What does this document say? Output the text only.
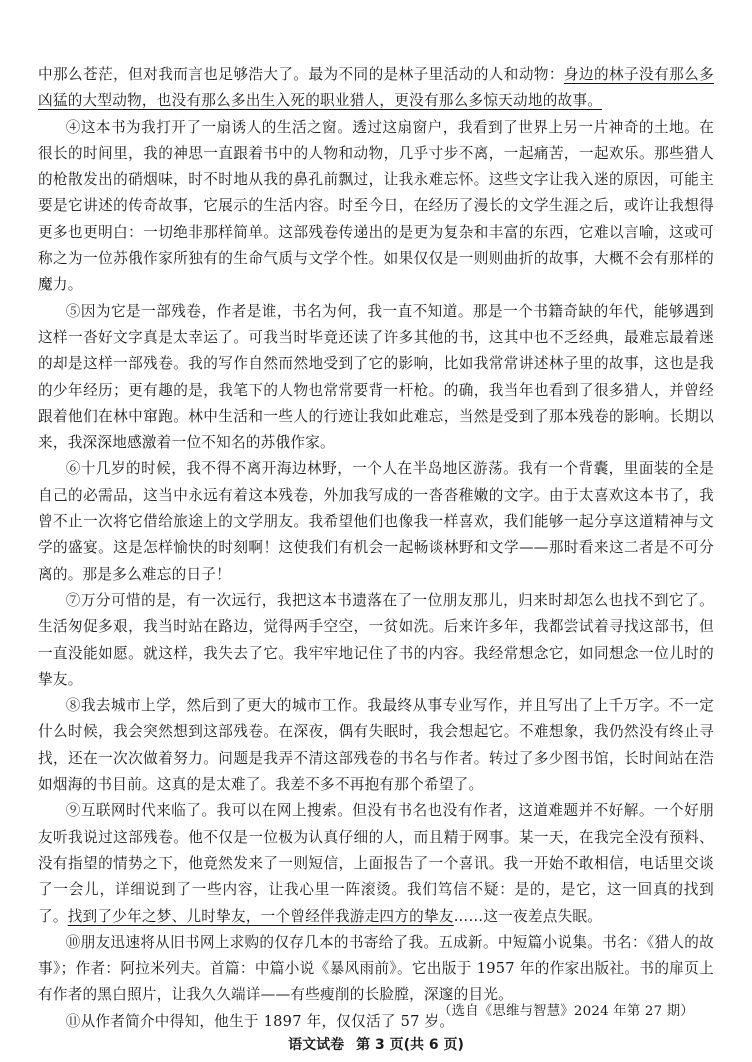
中那么苍茫，但对我而言也足够浩大了。最为不同的是林子里活动的人和动物：身边的林子没有那么多凶猛的大型动物，也没有那么多出生入死的职业猎人，更没有那么多惊天动地的故事。

④这本书为我打开了一扇诱人的生活之窗。透过这扇窗户，我看到了世界上另一片神奇的土地。在很长的时间里，我的神思一直跟着书中的人物和动物，几乎寸步不离，一起痛苦，一起欢乐。那些猎人的枪散发出的硝烟味，时不时地从我的鼻孔前飘过，让我永难忘怀。这些文字让我入迷的原因，可能主要是它讲述的传奇故事，它展示的生活内容。时至今日，在经历了漫长的文学生涯之后，或许让我想得更多也更明白：一切绝非那样简单。这部残卷传递出的是更为复杂和丰富的东西，它难以言喻，这或可称之为一位苏俄作家所独有的生命气质与文学个性。如果仅仅是一则则曲折的故事，大概不会有那样的魔力。

⑤因为它是一部残卷，作者是谁，书名为何，我一直不知道。那是一个书籍奇缺的年代，能够遇到这样一沓好文字真是太幸运了。可我当时毕竟还读了许多其他的书，这其中也不乏经典，最难忘最着迷的却是这样一部残卷。我的写作自然而然地受到了它的影响，比如我常常讲述林子里的故事，这也是我的少年经历；更有趣的是，我笔下的人物也常常要背一杆枪。的确，我当年也看到了很多猎人，并曾经跟着他们在林中窜跑。林中生活和一些人的行迹让我如此难忘，当然是受到了那本残卷的影响。长期以来，我深深地感激着一位不知名的苏俄作家。

⑥十几岁的时候，我不得不离开海边林野，一个人在半岛地区游荡。我有一个背囊，里面装的全是自己的必需品，这当中永远有着这本残卷，外加我写成的一沓沓稚嫩的文字。由于太喜欢这本书了，我曾不止一次将它借给旅途上的文学朋友。我希望他们也像我一样喜欢，我们能够一起分享这道精神与文学的盛宴。这是怎样愉快的时刻啊！这使我们有机会一起畅谈林野和文学——那时看来这二者是不可分离的。那是多么难忘的日子！

⑦万分可惜的是，有一次远行，我把这本书遗落在了一位朋友那儿，归来时却怎么也找不到它了。生活匆促多艰，我当时站在路边，觉得两手空空，一贫如洗。后来许多年，我都尝试着寻找这部书，但一直没能如愿。就这样，我失去了它。我牢牢地记住了书的内容。我经常想念它，如同想念一位儿时的挚友。

⑧我去城市上学，然后到了更大的城市工作。我最终从事专业写作，并且写出了上千万字。不一定什么时候，我会突然想到这部残卷。在深夜，偶有失眠时，我会想起它。不难想象，我仍然没有终止寻找，还在一次次做着努力。问题是我弄不清这部残卷的书名与作者。转过了多少图书馆，长时间站在浩如烟海的书目前。这真的是太难了。我差不多不再抱有那个希望了。

⑨互联网时代来临了。我可以在网上搜索。但没有书名也没有作者，这道难题并不好解。一个好朋友听我说过这部残卷。他不仅是一位极为认真仔细的人，而且精于网事。某一天，在我完全没有预料、没有指望的情势之下，他竟然发来了一则短信，上面报告了一个喜讯。我一开始不敢相信，电话里交谈了一会儿，详细说到了一些内容，让我心里一阵滚烫。我们笃信不疑：是的，是它，这一回真的找到了。找到了少年之梦、儿时挚友，一个曾经伴我游走四方的挚友……这一夜差点失眠。

⑩朋友迅速将从旧书网上求购的仅存几本的书寄给了我。五成新。中短篇小说集。书名：《猎人的故事》；作者：阿拉米列夫。首篇：中篇小说《暴风雨前》。它出版于 1957 年的作家出版社。书的扉页上有作者的黑白照片，让我久久端详——有些瘦削的长脸膛，深邃的目光。

⑪从作者简介中得知，他生于 1897 年，仅仅活了 57 岁。

（选自《思维与智慧》2024 年第 27 期）
语文试卷 第 3 页(共 6 页)
